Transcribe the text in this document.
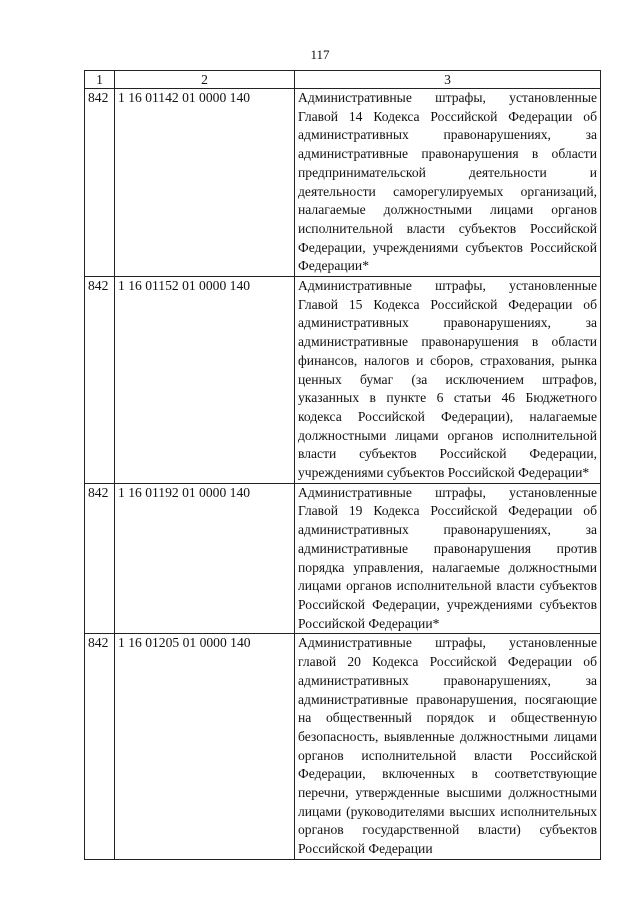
117
1	2	3
842	1 16 01142 01 0000 140	Административные штрафы, установленные Главой 14 Кодекса Российской Федерации об административных правонарушениях, за административные правонарушения в области предпринимательской деятельности и деятельности саморегулируемых организаций, налагаемые должностными лицами органов исполнительной власти субъектов Российской Федерации, учреждениями субъектов Российской Федерации*
842	1 16 01152 01 0000 140	Административные штрафы, установленные Главой 15 Кодекса Российской Федерации об административных правонарушениях, за административные правонарушения в области финансов, налогов и сборов, страхования, рынка ценных бумаг (за исключением штрафов, указанных в пункте 6 статьи 46 Бюджетного кодекса Российской Федерации), налагаемые должностными лицами органов исполнительной власти субъектов Российской Федерации, учреждениями субъектов Российской Федерации*
842	1 16 01192 01 0000 140	Административные штрафы, установленные Главой 19 Кодекса Российской Федерации об административных правонарушениях, за административные правонарушения против порядка управления, налагаемые должностными лицами органов исполнительной власти субъектов Российской Федерации, учреждениями субъектов Российской Федерации*
842	1 16 01205 01 0000 140	Административные штрафы, установленные главой 20 Кодекса Российской Федерации об административных правонарушениях, за административные правонарушения, посягающие на общественный порядок и общественную безопасность, выявленные должностными лицами органов исполнительной власти Российской Федерации, включенных в соответствующие перечни, утвержденные высшими должностными лицами (руководителями высших исполнительных органов государственной власти) субъектов Российской Федерации
